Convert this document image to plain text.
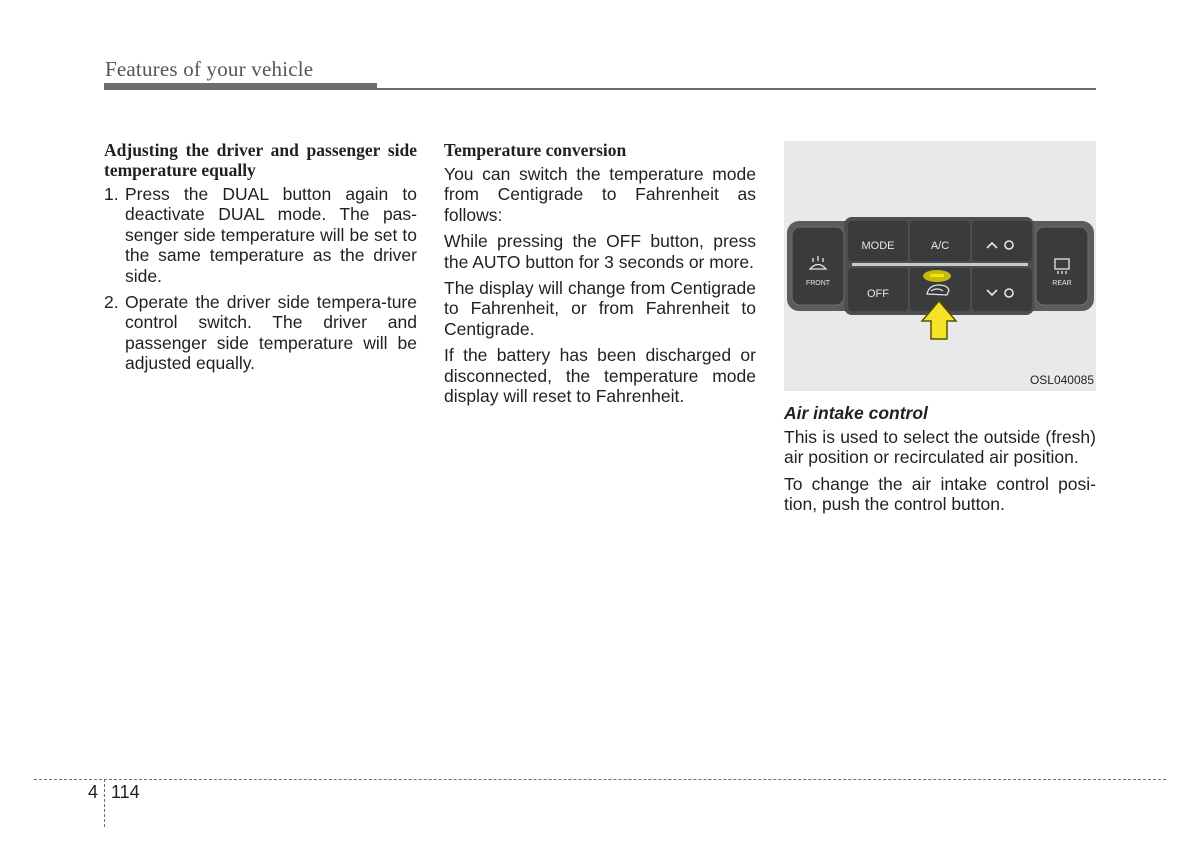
Features of your vehicle
Adjusting the driver and passenger side temperature equally
1. Press the DUAL button again to deactivate DUAL mode. The pas-senger side temperature will be set to the same temperature as the driver side.
2. Operate the driver side tempera-ture control switch. The driver and passenger side temperature will be adjusted equally.
Temperature conversion

You can switch the temperature mode from Centigrade to Fahrenheit as follows:

While pressing the OFF button, press the AUTO button for 3 seconds or more.

The display will change from Centigrade to Fahrenheit, or from Fahrenheit to Centigrade.

If the battery has been discharged or disconnected, the temperature mode display will reset to Fahrenheit.

FRONT	REAR
MODE	A/C
OFF
OSL040085
Air intake control

This is used to select the outside (fresh) air position or recirculated air position.

To change the air intake control posi-tion, push the control button.

4 114
